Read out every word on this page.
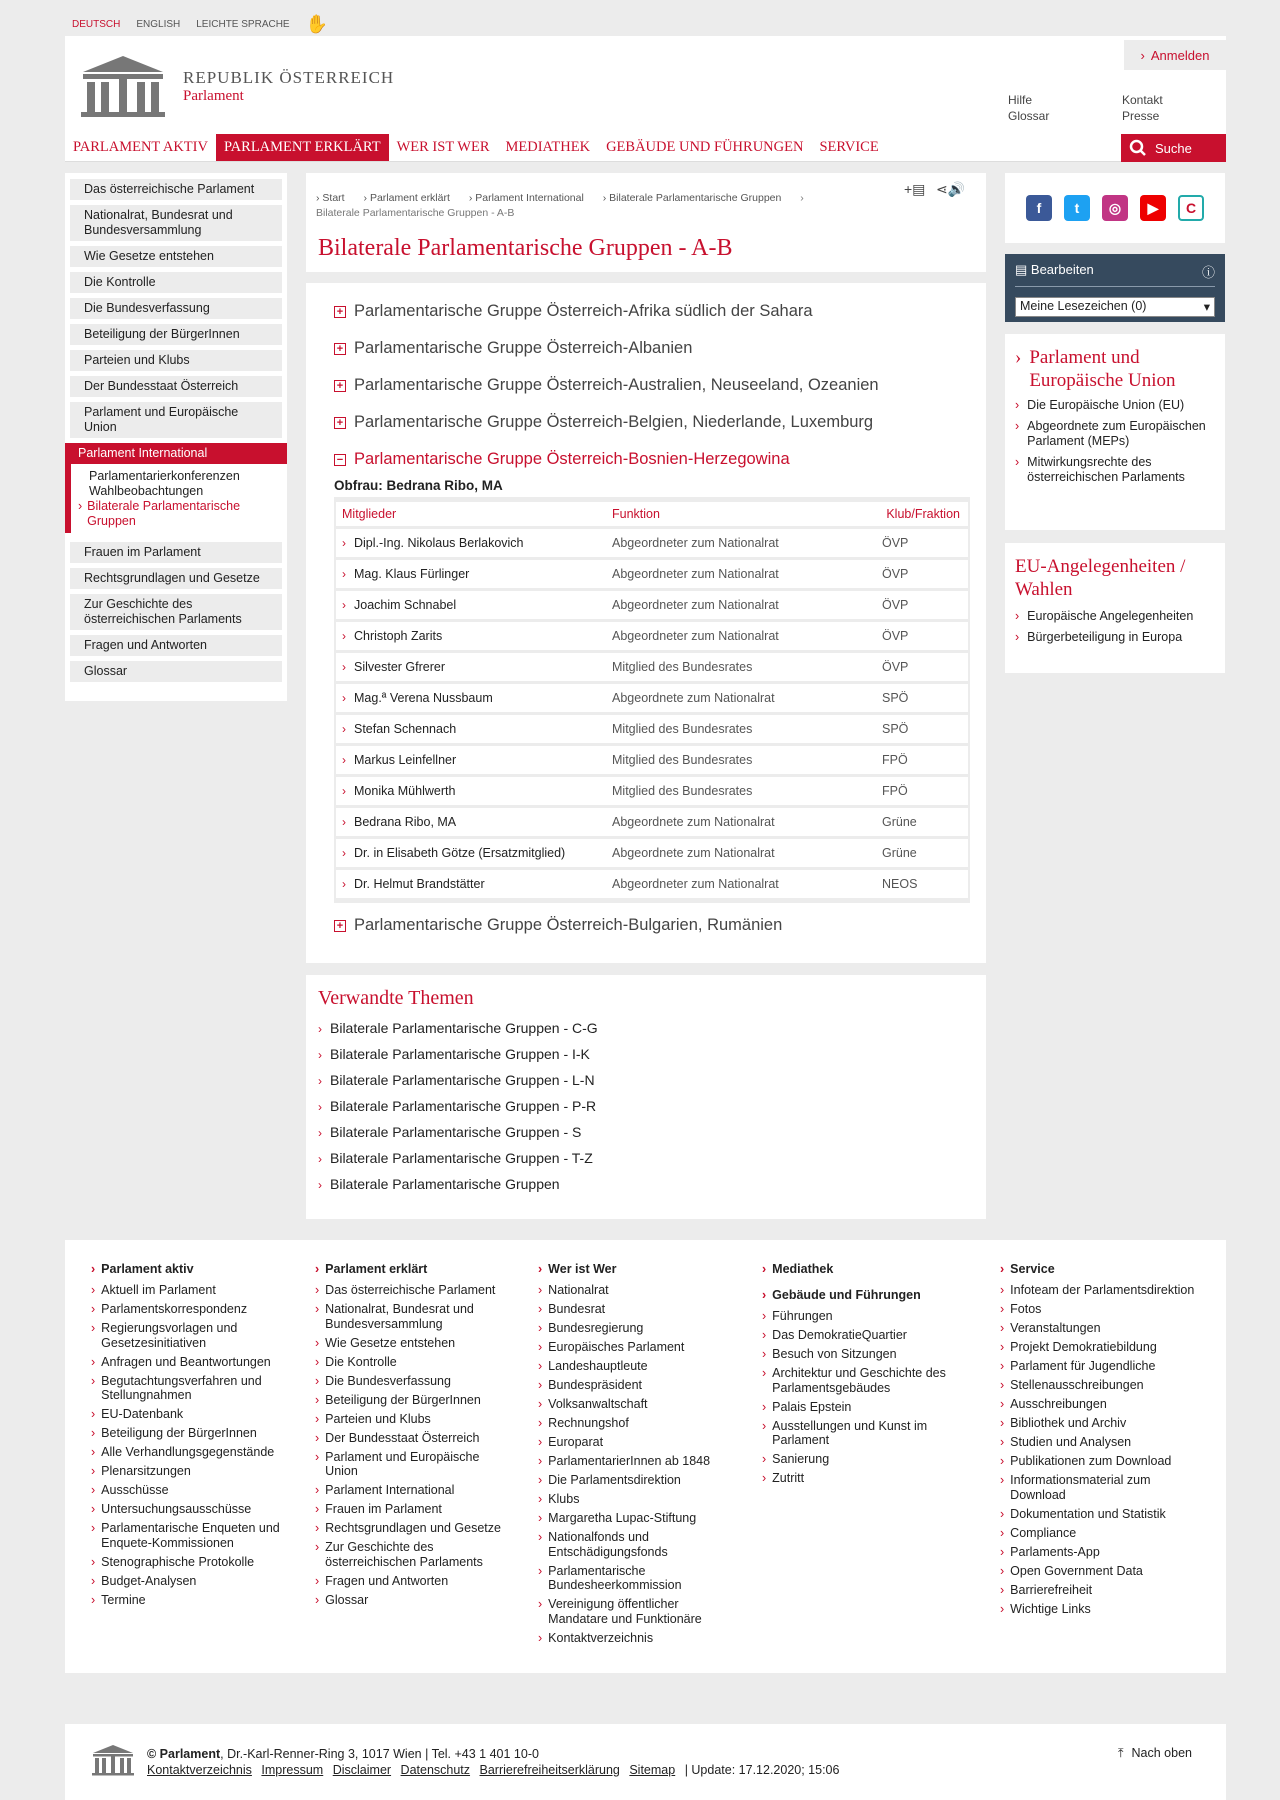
DEUTSCH ENGLISH LEICHTE SPRACHE ✋
REPUBLIK ÖSTERREICH
Parlament
› Anmelden
Hilfe
Glossar
Kontakt
Presse
PARLAMENT AKTIV	PARLAMENT ERKLÄRT	WER IST WER	MEDIATHEK	GEBÄUDE UND FÜHRUNGEN	SERVICE	Suche
Das österreichische Parlament
Nationalrat, Bundesrat und Bundesversammlung
Wie Gesetze entstehen
Die Kontrolle
Die Bundesverfassung
Beteiligung der BürgerInnen
Parteien und Klubs
Der Bundesstaat Österreich
Parlament und Europäische Union
Parlament International
Parlamentarierkonferenzen
Wahlbeobachtungen
› Bilaterale Parlamentarische Gruppen
Frauen im Parlament
Rechtsgrundlagen und Gesetze
Zur Geschichte des österreichischen Parlaments
Fragen und Antworten
Glossar
› Start › Parlament erklärt › Parlament International › Bilaterale Parlamentarische Gruppen › Bilaterale Parlamentarische Gruppen - A-B
+▤ ⋖🔊
Bilaterale Parlamentarische Gruppen - A-B
+ Parlamentarische Gruppe Österreich-Afrika südlich der Sahara
+ Parlamentarische Gruppe Österreich-Albanien
+ Parlamentarische Gruppe Österreich-Australien, Neuseeland, Ozeanien
+ Parlamentarische Gruppe Österreich-Belgien, Niederlande, Luxemburg
− Parlamentarische Gruppe Österreich-Bosnien-Herzegowina
Obfrau: Bedrana Ribo, MA
Mitglieder	Funktion	Klub/Fraktion
› Dipl.-Ing. Nikolaus Berlakovich	Abgeordneter zum Nationalrat	ÖVP
› Mag. Klaus Fürlinger	Abgeordneter zum Nationalrat	ÖVP
› Joachim Schnabel	Abgeordneter zum Nationalrat	ÖVP
› Christoph Zarits	Abgeordneter zum Nationalrat	ÖVP
› Silvester Gfrerer	Mitglied des Bundesrates	ÖVP
› Mag.ª Verena Nussbaum	Abgeordnete zum Nationalrat	SPÖ
› Stefan Schennach	Mitglied des Bundesrates	SPÖ
› Markus Leinfellner	Mitglied des Bundesrates	FPÖ
› Monika Mühlwerth	Mitglied des Bundesrates	FPÖ
› Bedrana Ribo, MA	Abgeordnete zum Nationalrat	Grüne
› Dr. in Elisabeth Götze (Ersatzmitglied)	Abgeordnete zum Nationalrat	Grüne
› Dr. Helmut Brandstätter	Abgeordneter zum Nationalrat	NEOS
+ Parlamentarische Gruppe Österreich-Bulgarien, Rumänien
Verwandte Themen
› Bilaterale Parlamentarische Gruppen - C-G
› Bilaterale Parlamentarische Gruppen - I-K
› Bilaterale Parlamentarische Gruppen - L-N
› Bilaterale Parlamentarische Gruppen - P-R
› Bilaterale Parlamentarische Gruppen - S
› Bilaterale Parlamentarische Gruppen - T-Z
› Bilaterale Parlamentarische Gruppen
f	t	◎	▶	C
▤ Bearbeiten	ⓘ
Meine Lesezeichen (0)	▾
› Parlament und Europäische Union
› Die Europäische Union (EU)
› Abgeordnete zum Europäischen Parlament (MEPs)
› Mitwirkungsrechte des österreichischen Parlaments
EU-Angelegenheiten / Wahlen
› Europäische Angelegenheiten
› Bürgerbeteiligung in Europa
› Parlament aktiv
› Aktuell im Parlament
› Parlamentskorrespondenz
› Regierungsvorlagen und Gesetzesinitiativen
› Anfragen und Beantwortungen
› Begutachtungsverfahren und Stellungnahmen
› EU-Datenbank
› Beteiligung der BürgerInnen
› Alle Verhandlungsgegenstände
› Plenarsitzungen
› Ausschüsse
› Untersuchungsausschüsse
› Parlamentarische Enqueten und Enquete-Kommissionen
› Stenographische Protokolle
› Budget-Analysen
› Termine
› Parlament erklärt
› Das österreichische Parlament
› Nationalrat, Bundesrat und Bundesversammlung
› Wie Gesetze entstehen
› Die Kontrolle
› Die Bundesverfassung
› Beteiligung der BürgerInnen
› Parteien und Klubs
› Der Bundesstaat Österreich
› Parlament und Europäische Union
› Parlament International
› Frauen im Parlament
› Rechtsgrundlagen und Gesetze
› Zur Geschichte des österreichischen Parlaments
› Fragen und Antworten
› Glossar
› Wer ist Wer
› Nationalrat
› Bundesrat
› Bundesregierung
› Europäisches Parlament
› Landeshauptleute
› Bundespräsident
› Volksanwaltschaft
› Rechnungshof
› Europarat
› ParlamentarierInnen ab 1848
› Die Parlamentsdirektion
› Klubs
› Margaretha Lupac-Stiftung
› Nationalfonds und Entschädigungsfonds
› Parlamentarische Bundesheerkommission
› Vereinigung öffentlicher Mandatare und Funktionäre
› Kontaktverzeichnis
› Mediathek
› Gebäude und Führungen
› Führungen
› Das DemokratieQuartier
› Besuch von Sitzungen
› Architektur und Geschichte des Parlamentsgebäudes
› Palais Epstein
› Ausstellungen und Kunst im Parlament
› Sanierung
› Zutritt
› Service
› Infoteam der Parlamentsdirektion
› Fotos
› Veranstaltungen
› Projekt Demokratiebildung
› Parlament für Jugendliche
› Stellenausschreibungen
› Ausschreibungen
› Bibliothek und Archiv
› Studien und Analysen
› Publikationen zum Download
› Informationsmaterial zum Download
› Dokumentation und Statistik
› Compliance
› Parlaments-App
› Open Government Data
› Barrierefreiheit
› Wichtige Links
© Parlament, Dr.-Karl-Renner-Ring 3, 1017 Wien | Tel. +43 1 401 10-0
Kontaktverzeichnis Impressum Disclaimer Datenschutz Barrierefreiheitserklärung Sitemap | Update: 17.12.2020; 15:06
⤒ Nach oben
